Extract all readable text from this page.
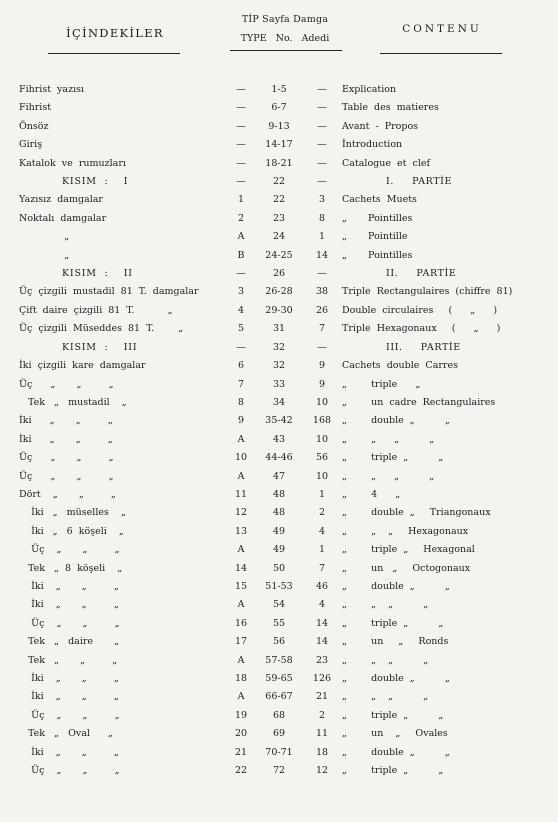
İÇİNDEKİLER
TİP Sayfa Damga
TYPE No. Adedi
CONTENU
Fihrist  yazısı	—	1-5	—	Explication
Fihrist	—	6-7	—	Table  des  matieres
Önsöz	—	9-13	—	Avant  -  Propos
Giriş	—	14-17	—	İntroduction
Katalok  ve  rumuzları	—	18-21	—	Catalogue  et  clef
KISIM  :    I	—	22	—	I.     PARTİE
Yazısız  damgalar	1	22	3	Cachets  Muets
Noktalı  damgalar	2	23	8	„       Pointilles
„	A	24	1	„       Pointille
„	B	24-25	14	„       Pointilles
KISIM  :    II	—	26	—	II.     PARTİE
Üç  çizgili  mustadil  81  T.  damgalar	3	26-28	38	Triple  Rectangulaires  (chiffre  81)
Çift  daire  çizgili  81  T.           „	4	29-30	26	Double  circulaires     (      „      )
Üç  çizgili  Müseddes  81  T.        „	5	31	7	Triple  Hexagonaux     (      „      )
KISIM  :    III	—	32	—	III.     PARTİE
İki  çizgili  kare  damgalar	6	32	9	Cachets  double  Carres
Üç      „       „         „	7	33	9	„        triple      „
Tek   „   mustadil    „	8	34	10	„        un  cadre  Rectangulaires
İki      „       „         „	9	35-42	168	„        double  „          „
İki      „       „         „	A	43	10	„        „      „          „
Üç      „       „         „	10	44-46	56	„        triple  „          „
Üç      „       „         „	A	47	10	„        „      „          „
Dört    „       „         „	11	48	1	„        4      „
İki   „   müselles    „	12	48	2	„        double  „     Triangonaux
İki   „   6  köşeli    „	13	49	4	„        „    „     Hexagonaux
Üç    „       „         „	A	49	1	„        triple  „     Hexagonal
Tek   „  8  köşeli    „	14	50	7	„        un   „     Octogonaux
İki    „       „         „	15	51-53	46	„        double  „          „
İki    „       „         „	A	54	4	„        „    „          „
Üç    „       „         „	16	55	14	„        triple  „          „
Tek   „   daire       „	17	56	14	„        un     „     Ronds
Tek   „       „         „	A	57-58	23	„        „    „          „
İki    „       „         „	18	59-65	126	„        double  „          „
İki    „       „         „	A	66-67	21	„        „    „          „
Üç    „       „         „	19	68	2	„        triple  „          „
Tek   „   Oval      „	20	69	11	„        un    „     Ovales
İki    „       „         „	21	70-71	18	„        double  „          „
Üç    „       „         „	22	72	12	„        triple  „          „
